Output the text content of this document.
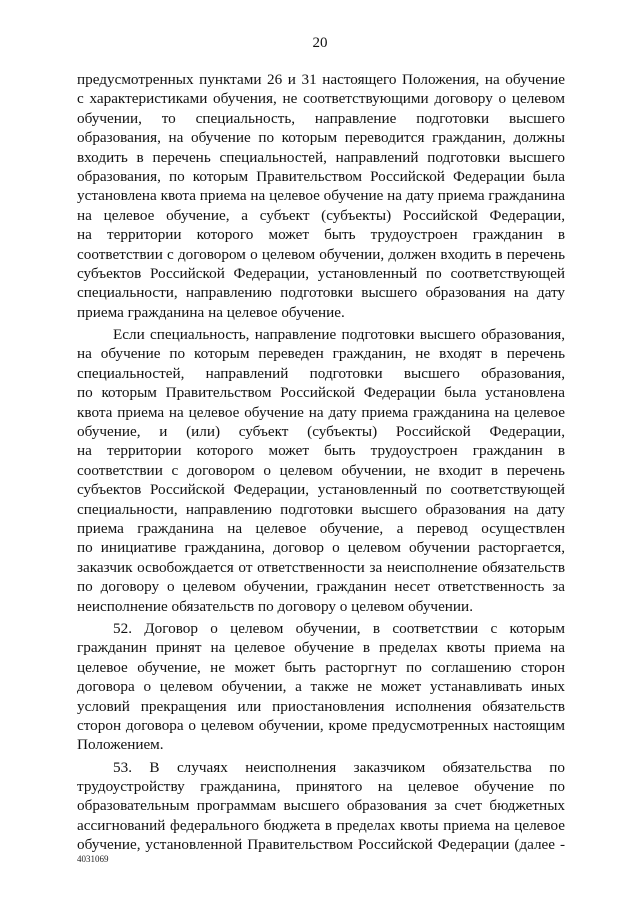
20
предусмотренных пунктами 26 и 31 настоящего Положения, на обучение
с характеристиками обучения, не соответствующими договору о целевом
обучении, то специальность, направление подготовки высшего
образования, на обучение по которым переводится гражданин, должны
входить в перечень специальностей, направлений подготовки высшего
образования, по которым Правительством Российской Федерации была
установлена квота приема на целевое обучение на дату приема гражданина
на целевое обучение, а субъект (субъекты) Российской Федерации,
на территории которого может быть трудоустроен гражданин в
соответствии с договором о целевом обучении, должен входить в перечень
субъектов Российской Федерации, установленный по соответствующей
специальности, направлению подготовки высшего образования на дату
приема гражданина на целевое обучение.
Если специальность, направление подготовки высшего образования,
на обучение по которым переведен гражданин, не входят в перечень
специальностей, направлений подготовки высшего образования,
по которым Правительством Российской Федерации была установлена
квота приема на целевое обучение на дату приема гражданина на целевое
обучение, и (или) субъект (субъекты) Российской Федерации,
на территории которого может быть трудоустроен гражданин в
соответствии с договором о целевом обучении, не входит в перечень
субъектов Российской Федерации, установленный по соответствующей
специальности, направлению подготовки высшего образования на дату
приема гражданина на целевое обучение, а перевод осуществлен
по инициативе гражданина, договор о целевом обучении расторгается,
заказчик освобождается от ответственности за неисполнение обязательств
по договору о целевом обучении, гражданин несет ответственность за
неисполнение обязательств по договору о целевом обучении.
52. Договор о целевом обучении, в соответствии с которым
гражданин принят на целевое обучение в пределах квоты приема на
целевое обучение, не может быть расторгнут по соглашению сторон
договора о целевом обучении, а также не может устанавливать иных
условий прекращения или приостановления исполнения обязательств
сторон договора о целевом обучении, кроме предусмотренных настоящим
Положением.
53. В случаях неисполнения заказчиком обязательства по
трудоустройству гражданина, принятого на целевое обучение по
образовательным программам высшего образования за счет бюджетных
ассигнований федерального бюджета в пределах квоты приема на целевое
обучение, установленной Правительством Российской Федерации (далее -
4031069
